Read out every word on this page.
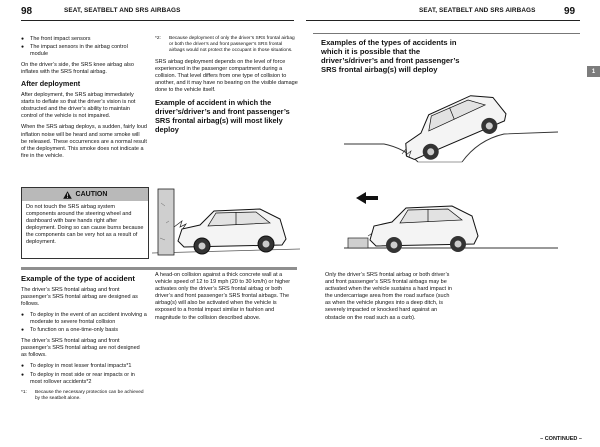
98	SEAT, SEATBELT AND SRS AIRBAGS	SEAT, SEATBELT AND SRS AIRBAGS	99
● The front impact sensors
● The impact sensors in the airbag control module

On the driver’s side, the SRS knee airbag also inflates with the SRS frontal airbag.

After deployment

After deployment, the SRS airbag immediately starts to deflate so that the driver’s vision is not obstructed and the driver’s ability to maintain control of the vehicle is not impaired.

When the SRS airbag deploys, a sudden, fairly loud inflation noise will be heard and some smoke will be released. These occurrences are a normal result of the deployment. This smoke does not indicate a fire in the vehicle.

CAUTION
Do not touch the SRS airbag system components around the steering wheel and dashboard with bare hands right after deployment. Doing so can cause burns because the components can be very hot as a result of deployment.
*2: Because deployment of only the driver’s SRS frontal airbag or both the driver’s and front passenger’s SRS frontal airbags would not protect the occupant in those situations.

SRS airbag deployment depends on the level of force experienced in the passenger compartment during a collision. That level differs from one type of collision to another, and it may have no bearing on the visible damage done to the vehicle itself.

Example of accident in which the driver’s/driver’s and front passenger’s SRS frontal airbag(s) will most likely deploy
Example of the type of accident

The driver’s SRS frontal airbag and front passenger’s SRS frontal airbag are designed as follows.

● To deploy in the event of an accident involving a moderate to severe frontal collision
● To function on a one-time-only basis

The driver’s SRS frontal airbag and front passenger’s SRS frontal airbag are not designed as follows.

● To deploy in most lesser frontal impacts*1
● To deploy in most side or rear impacts or in most rollover accidents*2
*1: Because the necessary protection can be achieved by the seatbelt alone.

A head-on collision against a thick concrete wall at a vehicle speed of 12 to 19 mph (20 to 30 km/h) or higher activates only the driver’s SRS frontal airbag or both driver’s and front passenger’s SRS frontal airbags. The airbag(s) will also be activated when the vehicle is exposed to a frontal impact similar in fashion and magnitude to the collision described above.

1
Examples of the types of accidents in which it is possible that the driver’s/driver’s and front passenger’s SRS frontal airbag(s) will deploy

Only the driver’s SRS frontal airbag or both driver’s and front passenger’s SRS frontal airbags may be activated when the vehicle sustains a hard impact in the undercarriage area from the road surface (such as when the vehicle plunges into a deep ditch, is severely impacted or knocked hard against an obstacle on the road such as a curb).

– CONTINUED –
